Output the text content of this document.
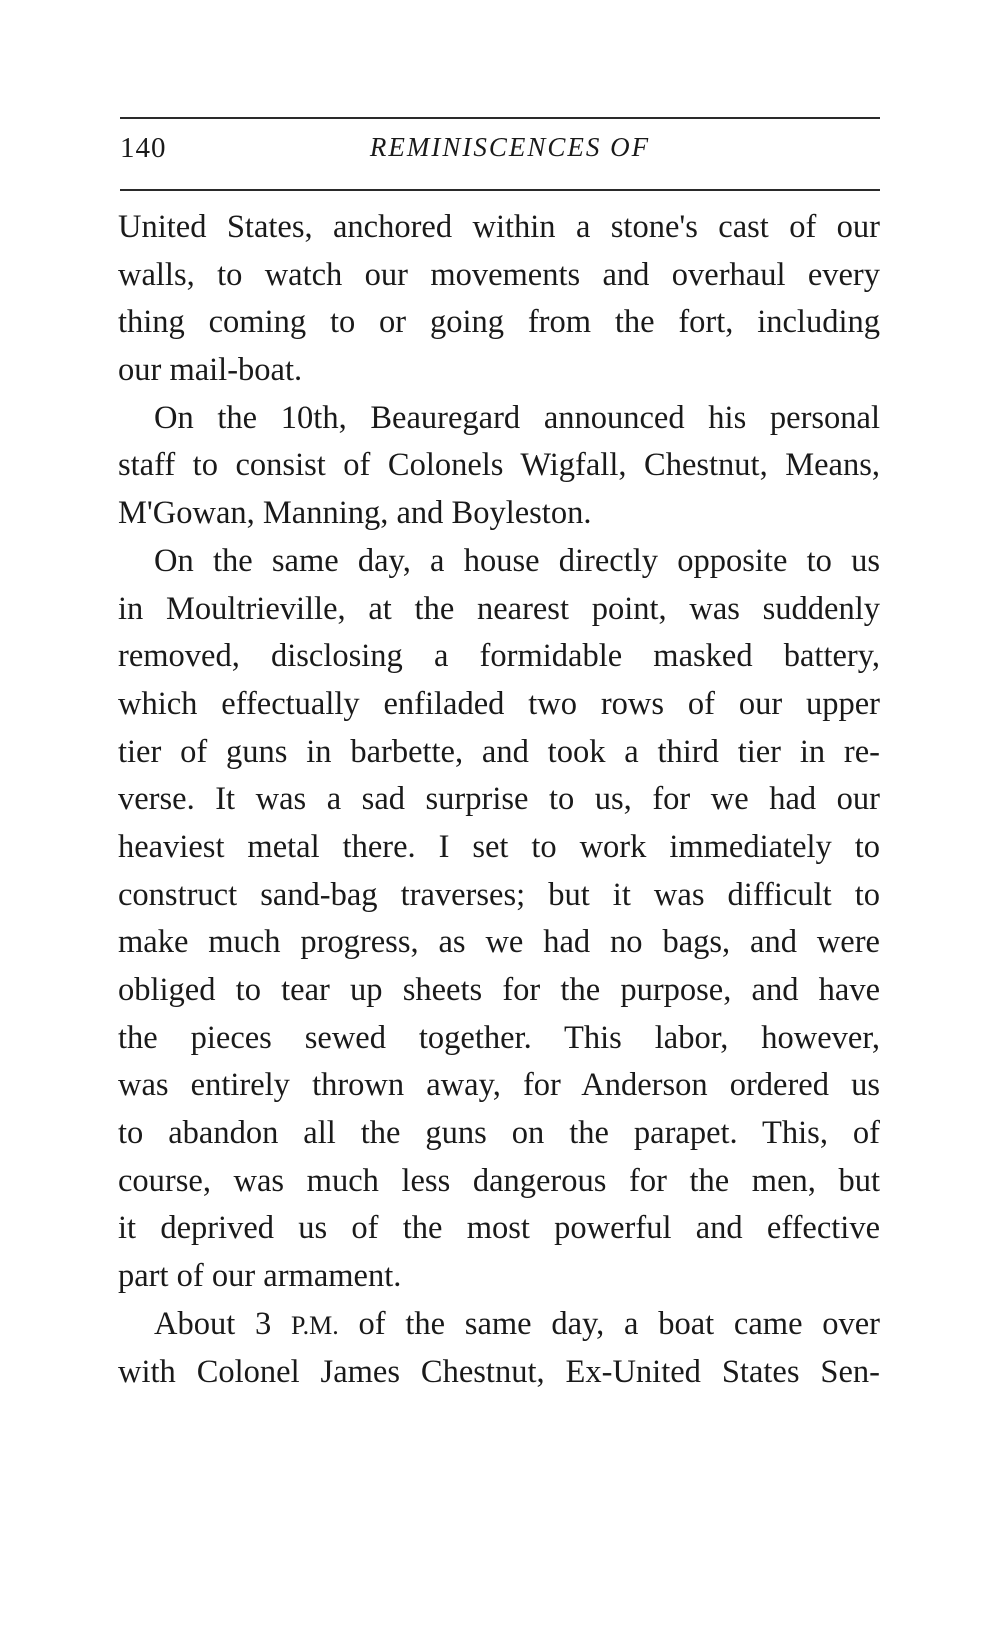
140	REMINISCENCES OF
United States, anchored within a stone's cast of our
walls, to watch our movements and overhaul every
thing coming to or going from the fort, including
our mail-boat.
On the 10th, Beauregard announced his personal
staff to consist of Colonels Wigfall, Chestnut, Means,
M'Gowan, Manning, and Boyleston.
On the same day, a house directly opposite to us
in Moultrieville, at the nearest point, was suddenly
removed, disclosing a formidable masked battery,
which effectually enfiladed two rows of our upper
tier of guns in barbette, and took a third tier in re-
verse. It was a sad surprise to us, for we had our
heaviest metal there. I set to work immediately to
construct sand-bag traverses; but it was difficult to
make much progress, as we had no bags, and were
obliged to tear up sheets for the purpose, and have
the pieces sewed together. This labor, however,
was entirely thrown away, for Anderson ordered us
to abandon all the guns on the parapet. This, of
course, was much less dangerous for the men, but
it deprived us of the most powerful and effective
part of our armament.
About 3 P.M. of the same day, a boat came over
with Colonel James Chestnut, Ex-United States Sen-
